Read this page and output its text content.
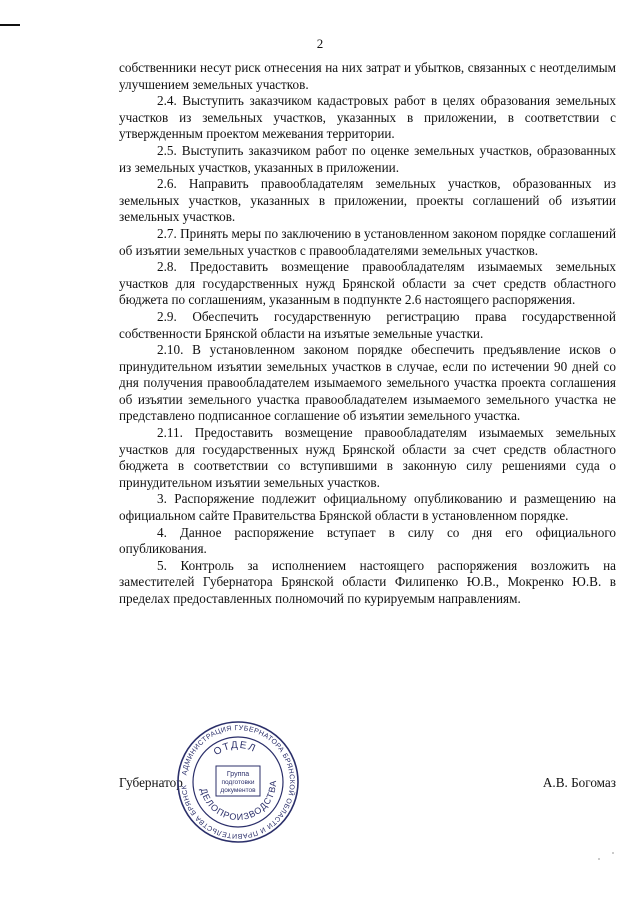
2

собственники несут риск отнесения на них затрат и убытков, связанных с неотделимым улучшением земельных участков.

2.4. Выступить заказчиком кадастровых работ в целях образования земельных участков из земельных участков, указанных в приложении, в соответствии с утвержденным проектом межевания территории.

2.5. Выступить заказчиком работ по оценке земельных участков, образованных из земельных участков, указанных в приложении.

2.6. Направить правообладателям земельных участков, образованных из земельных участков, указанных в приложении, проекты соглашений об изъятии земельных участков.

2.7. Принять меры по заключению в установленном законом порядке соглашений об изъятии земельных участков с правообладателями земельных участков.

2.8. Предоставить возмещение правообладателям изымаемых земельных участков для государственных нужд Брянской области за счет средств областного бюджета по соглашениям, указанным в подпункте 2.6 настоящего распоряжения.

2.9. Обеспечить государственную регистрацию права государственной собственности Брянской области на изъятые земельные участки.

2.10. В установленном законом порядке обеспечить предъявление исков о принудительном изъятии земельных участков в случае, если по истечении 90 дней со дня получения правообладателем изымаемого земельного участка проекта соглашения об изъятии земельного участка правообладателем изымаемого земельного участка не представлено подписанное соглашение об изъятии земельного участка.

2.11. Предоставить возмещение правообладателям изымаемых земельных участков для государственных нужд Брянской области за счет средств областного бюджета в соответствии со вступившими в законную силу решениями суда о принудительном изъятии земельных участков.

3. Распоряжение подлежит официальному опубликованию и размещению на официальном сайте Правительства Брянской области в установленном порядке.

4. Данное распоряжение вступает в силу со дня его официального опубликования.

5. Контроль за исполнением настоящего распоряжения возложить на заместителей Губернатора Брянской области Филипенко Ю.В., Мокренко Ю.В. в пределах предоставленных полномочий по курируемым направлениям.

Губернатор	А.В. Богомаз
АДМИНИСТРАЦИЯ ГУБЕРНАТОРА БРЯНСКОЙ ОБЛАСТИ И ПРАВИТЕЛЬСТВА БРЯНСК
ОТДЕЛ
ДЕЛОПРОИЗВОДСТВА
Группа
подготовки
документов
